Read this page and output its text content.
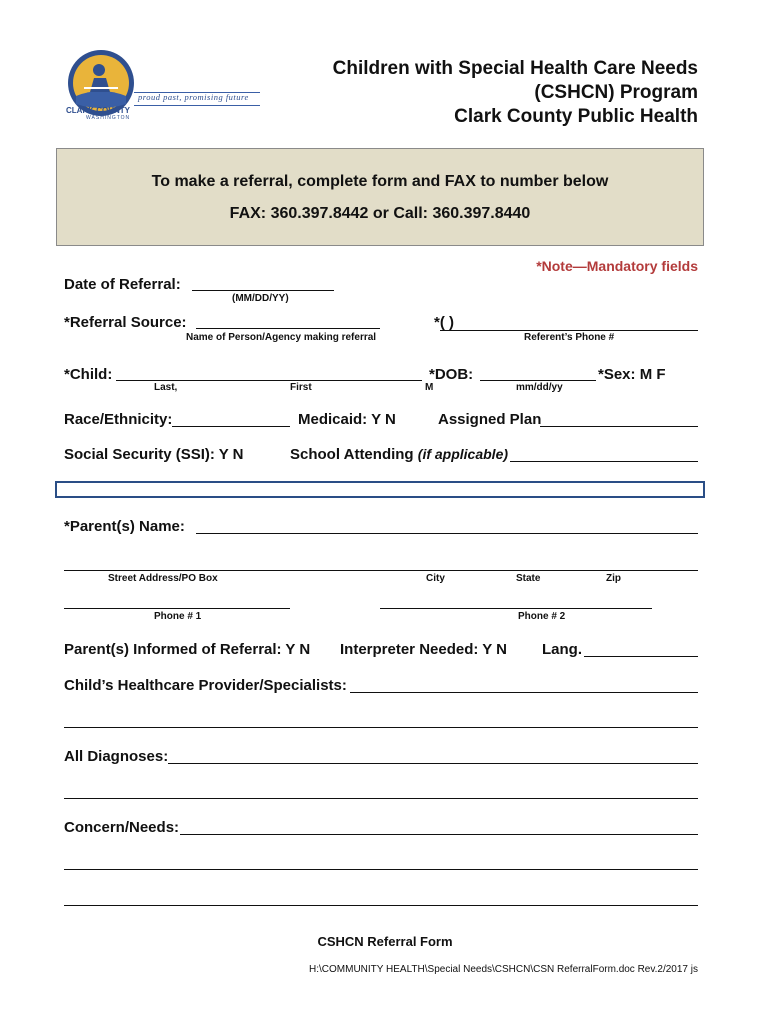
proud past, promising future
CLARK COUNTY
WASHINGTON
Children with Special Health Care Needs
(CSHCN) Program
Clark County Public Health
To make a referral, complete form and FAX to number below
FAX: 360.397.8442 or Call: 360.397.8440
*Note—Mandatory fields
Date of Referral:
(MM/DD/YY)
*Referral Source:
Name of Person/Agency making referral
*( )
Referent’s Phone #
*Child:
Last,	First	M
*DOB:
mm/dd/yy
*Sex: M F
Race/Ethnicity:	Medicaid: Y N	Assigned Plan
Social Security (SSI): Y N	School Attending (if applicable)
*Parent(s) Name:
Street Address/PO Box	City	State	Zip
Phone # 1	Phone # 2
Parent(s) Informed of Referral: Y N Interpreter Needed: Y N Lang.
Child’s Healthcare Provider/Specialists:
All Diagnoses:
Concern/Needs:
CSHCN Referral Form
H:\COMMUNITY HEALTH\Special Needs\CSHCN\CSN ReferralForm.doc Rev.2/2017 js
